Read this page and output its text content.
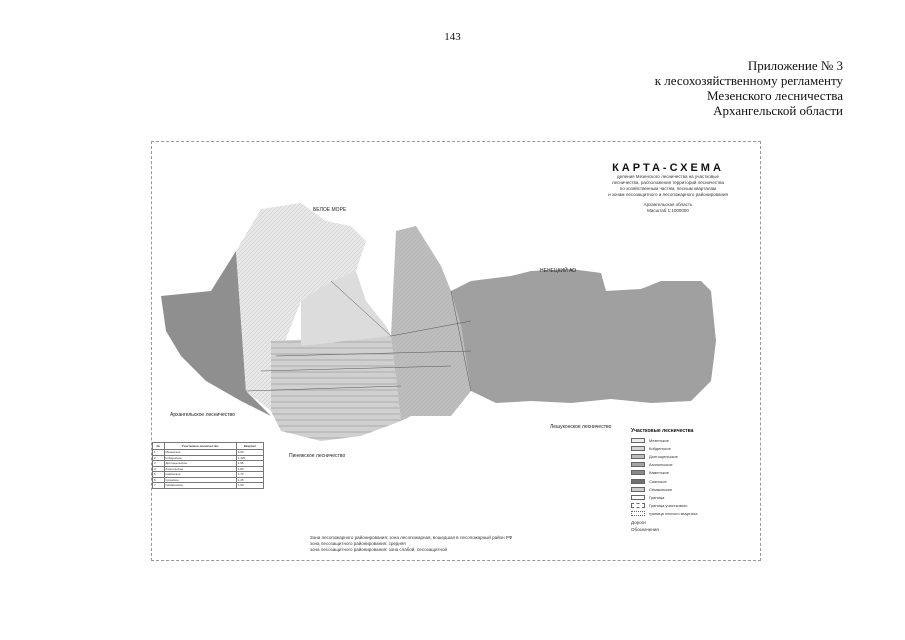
143
Приложение № 3
к лесохозяйственному регламенту
Мезенского лесничества
Архангельской области
КАРТА-СХЕМА
деления Мезенского лесничества на участковые
лесничества, расположения территорий лесничества
по хозяйственным частям, лесным кварталам
и зонам лесозащитного и лесопожарного районирования
Архангельская область
Масштаб 1:1000000
БЕЛОЕ МОРЕ
НЕНЕЦКИЙ АО
Архангельское лесничество
Пинежское лесничество
Лешуконское лесничество
Участковые лесничества
Мезенское
Койденское
Долгощельское
Азопольское
Каменское
Соянское
Сёмжинское
Граница
Граница участкового
граница лесного квартала
Дороги
Обозначения
№	Участковое лесничество	Квартал
1	Мезенское	1-50
2	Койденское	1-120
3	Долгощельское	1-96
4	Азопольское	1-80
5	Каменское	1-70
6	Соянское	1-45
7	Сёмжинское	1-60
Зона лесопожарного районирования: зона лесопожарная, вошедшая в лесопожарный район РФ
зона лесозащитного районирования: средняя
зона лесозащитного районирования: зона слабой, лесозащитной
